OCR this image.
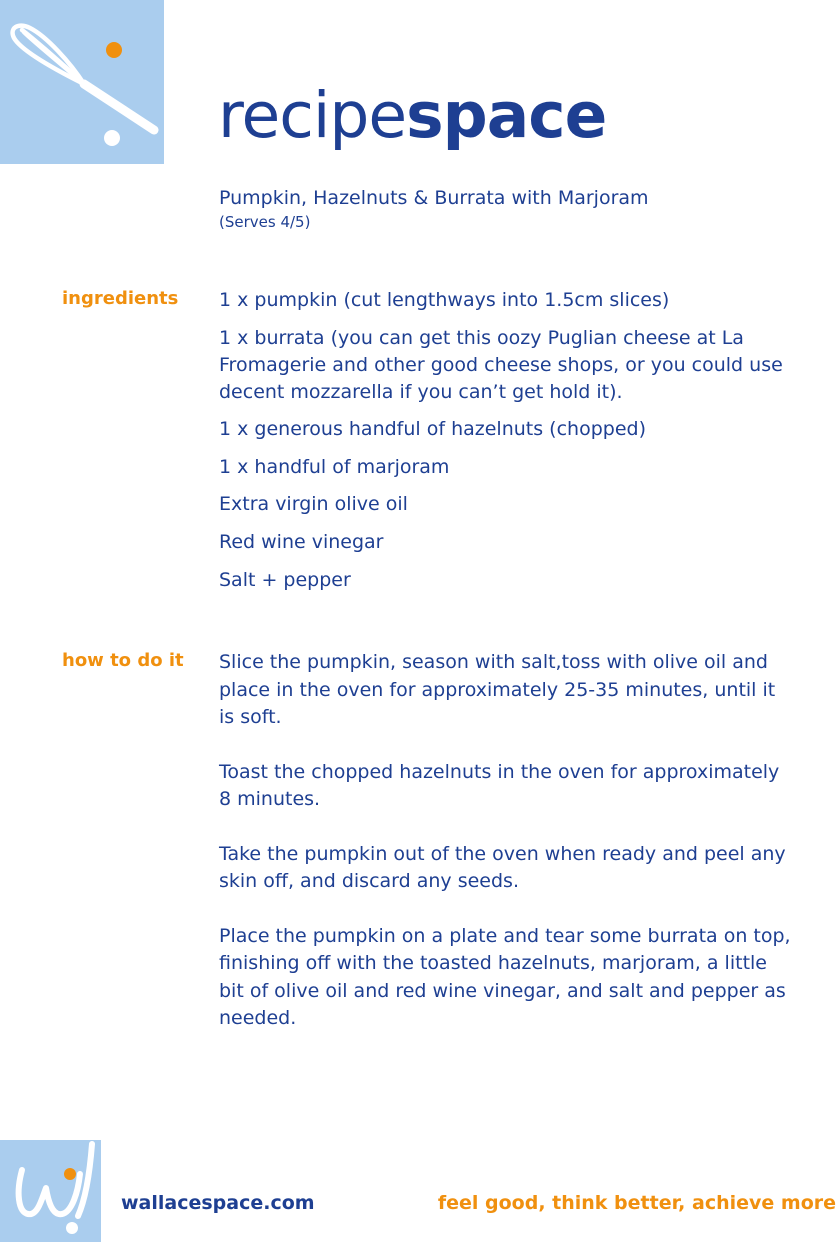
recipespace
Pumpkin, Hazelnuts & Burrata with Marjoram
(Serves 4/5)
ingredients 1 x pumpkin (cut lengthways into 1.5cm slices)
1 x burrata (you can get this oozy Puglian cheese at La Fromagerie and other good cheese shops, or you could use decent mozzarella if you can’t get hold it).
1 x generous handful of hazelnuts (chopped)
1 x handful of marjoram
Extra virgin olive oil
Red wine vinegar
Salt + pepper
how to do it Slice the pumpkin, season with salt,toss with olive oil and place in the oven for approximately 25-35 minutes, until it is soft.

Toast the chopped hazelnuts in the oven for approximately 8 minutes.

Take the pumpkin out of the oven when ready and peel any skin off, and discard any seeds.

Place the pumpkin on a plate and tear some burrata on top, finishing off with the toasted hazelnuts, marjoram, a little bit of olive oil and red wine vinegar, and salt and pepper as needed.

wallacespace.com	feel good, think better, achieve more
